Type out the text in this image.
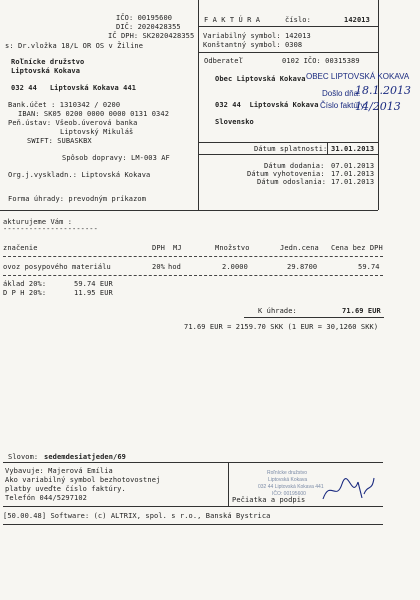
IČO: 00195600
DIČ: 2020428355
IČ DPH: SK2020428355
s: Dr.vložka 18/L OR OS v Žiline
Roľnícke družstvo
Liptovská Kokava
032 44   Liptovská Kokava 441
Bank.účet : 1310342 / 0200
IBAN: SK05 0200 0000 0000 0131 0342
Peň.ústav: Všeob.úverová banka
Liptovský Mikuláš
SWIFT: SUBASKBX
F A K T Ú R A	číslo:	142013
Variabilný symbol: 142013
Konštantný symbol: 0308
Odberateľ	0102 IČO: 00315389
Obec Liptovská Kokava
032 44  Liptovská Kokava
Slovensko
OBEC LIPTOVSKÁ KOKAVA
Došlo dňa:
18.1.2013
Číslo faktúry:
14/2013
Dátum splatnosti: 31.01.2013
Dátum dodania: 07.01.2013
Dátum vyhotovenia: 17.01.2013
Dátum odoslania: 17.01.2013
Spôsob dopravy: LM-003 AF
Org.j.vyskladn.: Liptovská Kokava
Forma úhrady: prevodným príkazom
akturujeme Vám :
----------------------
značenie	DPH MJ	Množstvo	Jedn.cena Cena bez DPH
ovoz posypového materiálu	20% hod	2.0000	29.8700	59.74
áklad 20%:	59.74 EUR
D P H 20%:	11.95 EUR
K úhrade:	71.69 EUR
71.69 EUR = 2159.70 SKK (1 EUR = 30,1260 SKK)
Slovom: sedemdesiatjeden/69
Vybavuje: Majerová Emília
Ako variabilný symbol bezhotovostnej
platby uveďte číslo faktúry.
Telefón 044/5297102	Pečiatka a podpis
[50.00.48] Software: (c) ALTRIX, spol. s r.o., Banská Bystrica
Roľnícke družstvo
Liptovská Kokava
032 44 Liptovská Kokava 441
IČO: 00195600
